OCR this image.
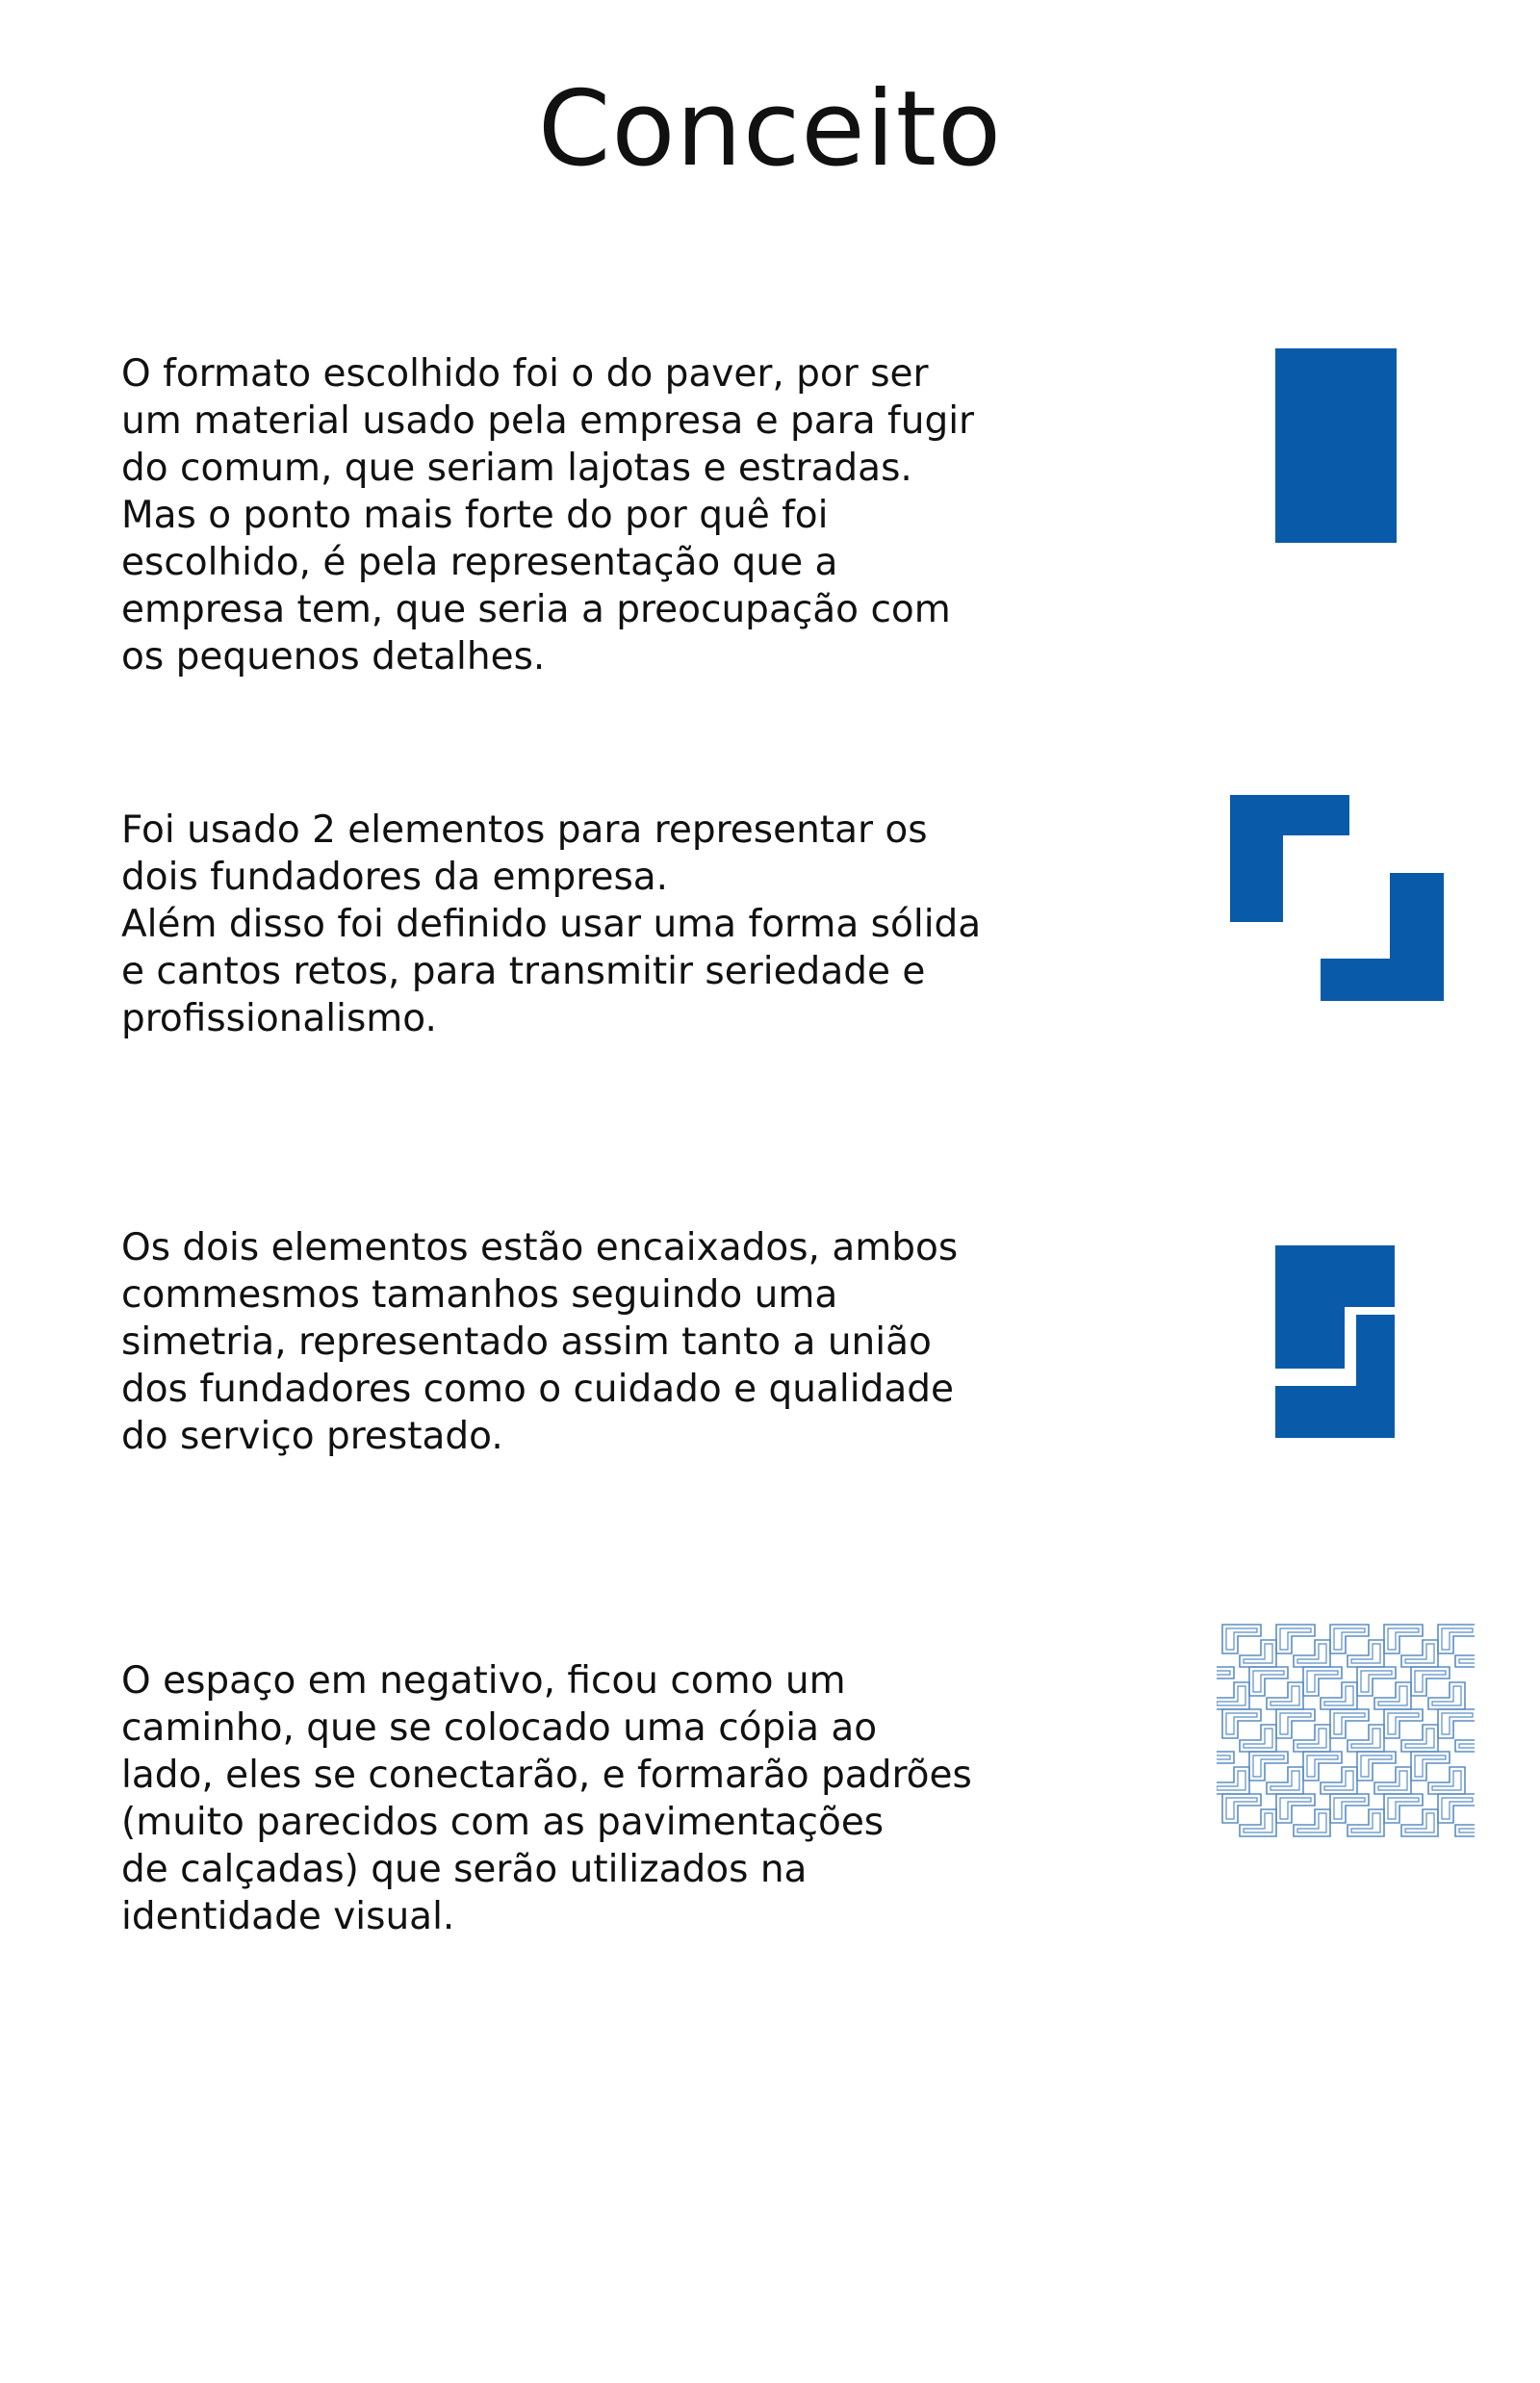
Conceito

O formato escolhido foi o do paver, por ser
um material usado pela empresa e para fugir
do comum, que seriam lajotas e estradas.
Mas o ponto mais forte do por quê foi
escolhido, é pela representação que a
empresa tem, que seria a preocupação com
os pequenos detalhes.

Foi usado 2 elementos para representar os
dois fundadores da empresa.
Além disso foi definido usar uma forma sólida
e cantos retos, para transmitir seriedade e
profissionalismo.

Os dois elementos estão encaixados, ambos
commesmos tamanhos seguindo uma
simetria, representado assim tanto a união
dos fundadores como o cuidado e qualidade
do serviço prestado.

O espaço em negativo, ficou como um
caminho, que se colocado uma cópia ao
lado, eles se conectarão, e formarão padrões
(muito parecidos com as pavimentações
de calçadas) que serão utilizados na
identidade visual.
